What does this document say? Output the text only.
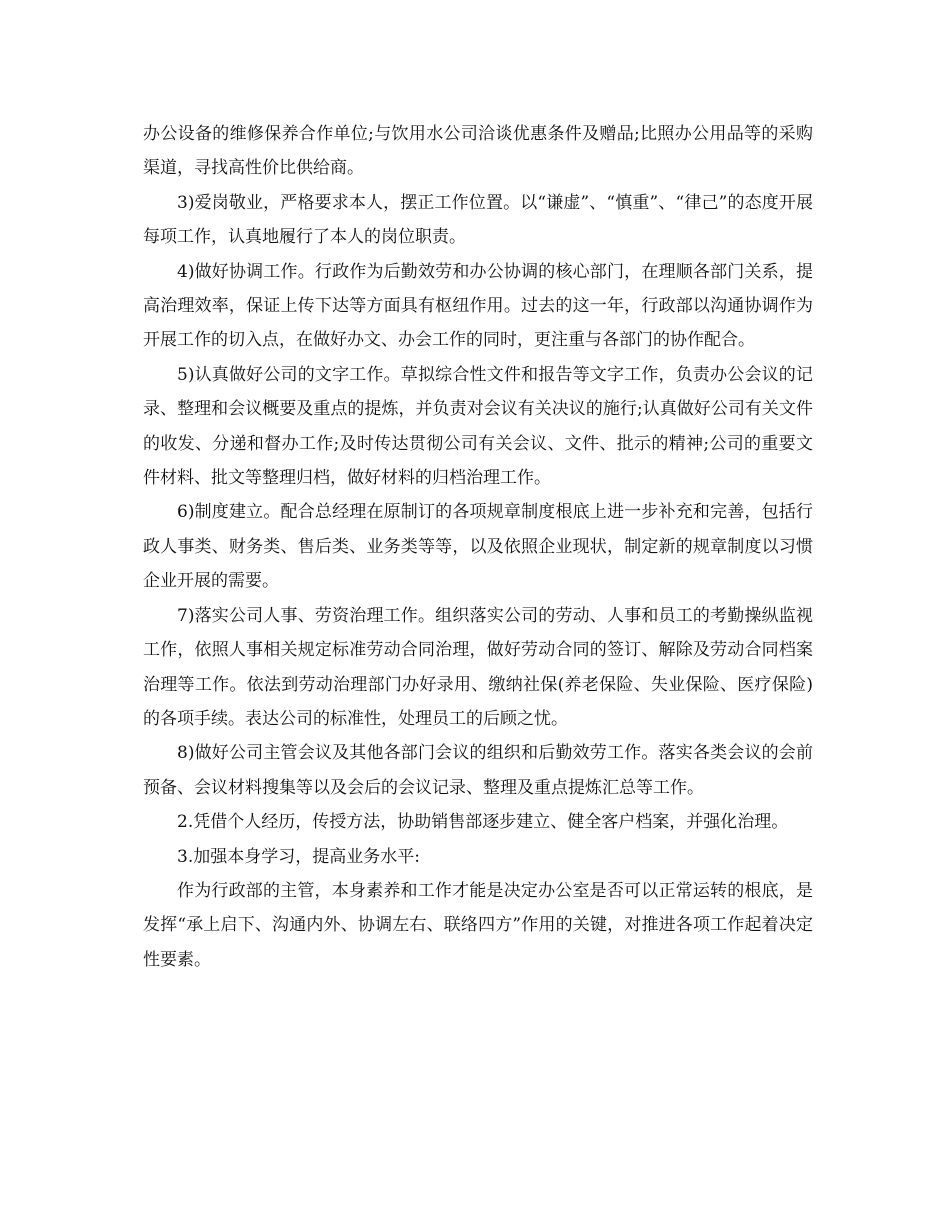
办公设备的维修保养合作单位;与饮用水公司洽谈优惠条件及赠品;比照办公用品等的采购渠道，寻找高性价比供给商。

3)爱岗敬业，严格要求本人，摆正工作位置。以“谦虚”、“慎重”、“律己”的态度开展每项工作，认真地履行了本人的岗位职责。

4)做好协调工作。行政作为后勤效劳和办公协调的核心部门，在理顺各部门关系，提高治理效率，保证上传下达等方面具有枢纽作用。过去的这一年，行政部以沟通协调作为开展工作的切入点，在做好办文、办会工作的同时，更注重与各部门的协作配合。

5)认真做好公司的文字工作。草拟综合性文件和报告等文字工作，负责办公会议的记录、整理和会议概要及重点的提炼，并负责对会议有关决议的施行;认真做好公司有关文件的收发、分递和督办工作;及时传达贯彻公司有关会议、文件、批示的精神;公司的重要文件材料、批文等整理归档，做好材料的归档治理工作。

6)制度建立。配合总经理在原制订的各项规章制度根底上进一步补充和完善，包括行政人事类、财务类、售后类、业务类等等，以及依照企业现状，制定新的规章制度以习惯企业开展的需要。

7)落实公司人事、劳资治理工作。组织落实公司的劳动、人事和员工的考勤操纵监视工作，依照人事相关规定标准劳动合同治理，做好劳动合同的签订、解除及劳动合同档案治理等工作。依法到劳动治理部门办好录用、缴纳社保(养老保险、失业保险、医疗保险)的各项手续。表达公司的标准性，处理员工的后顾之忧。

8)做好公司主管会议及其他各部门会议的组织和后勤效劳工作。落实各类会议的会前预备、会议材料搜集等以及会后的会议记录、整理及重点提炼汇总等工作。

2.凭借个人经历，传授方法，协助销售部逐步建立、健全客户档案，并强化治理。

3.加强本身学习，提高业务水平:

作为行政部的主管，本身素养和工作才能是决定办公室是否可以正常运转的根底，是发挥“承上启下、沟通内外、协调左右、联络四方”作用的关键，对推进各项工作起着决定性要素。
